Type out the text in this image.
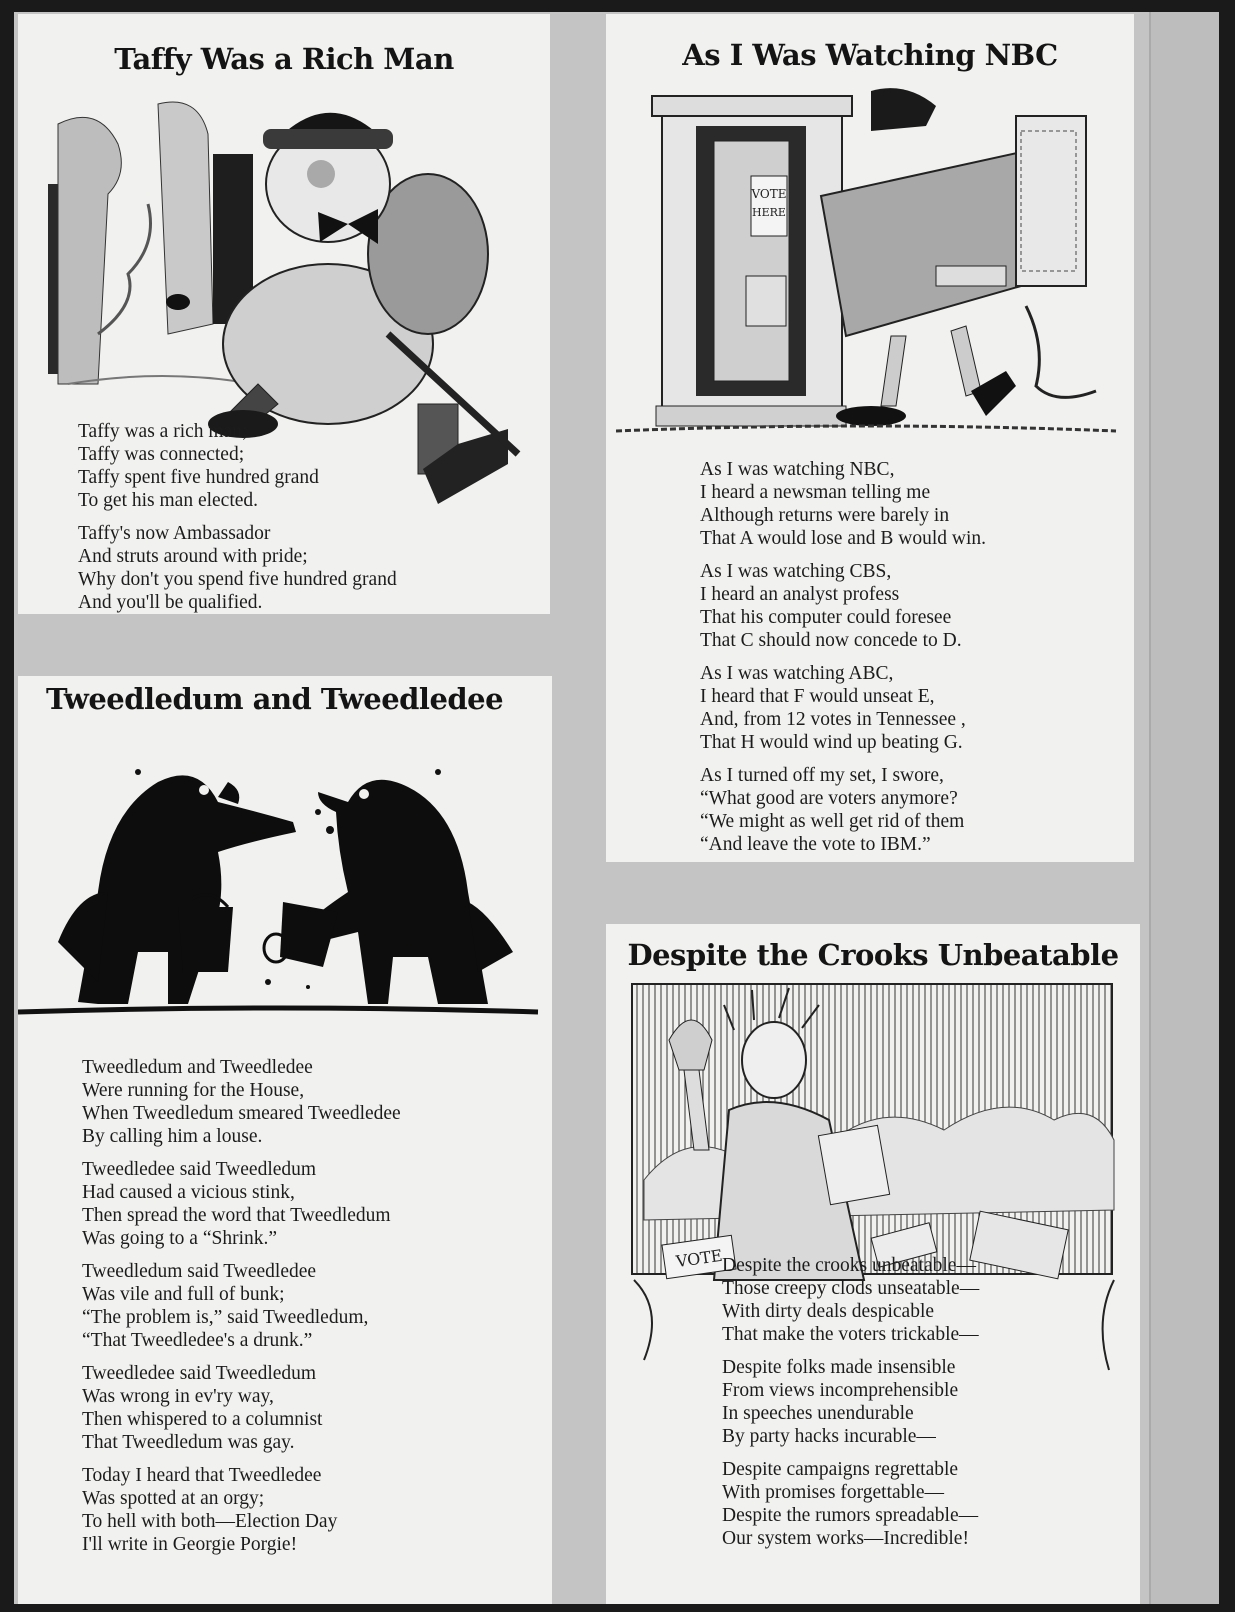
Taffy Was a Rich Man
Taffy was a rich man;
Taffy was connected;
Taffy spent five hundred grand
To get his man elected.
Taffy's now Ambassador
And struts around with pride;
Why don't you spend five hundred grand
And you'll be qualified.
Tweedledum and Tweedledee
Tweedledum and Tweedledee
Were running for the House,
When Tweedledum smeared Tweedledee
By calling him a louse.
Tweedledee said Tweedledum
Had caused a vicious stink,
Then spread the word that Tweedledum
Was going to a “Shrink.”
Tweedledum said Tweedledee
Was vile and full of bunk;
“The problem is,” said Tweedledum,
“That Tweedledee's a drunk.”
Tweedledee said Tweedledum
Was wrong in ev'ry way,
Then whispered to a columnist
That Tweedledum was gay.
Today I heard that Tweedledee
Was spotted at an orgy;
To hell with both—Election Day
I'll write in Georgie Porgie!
As I Was Watching NBC
VOTE
HERE
As I was watching NBC,
I heard a newsman telling me
Although returns were barely in
That A would lose and B would win.
As I was watching CBS,
I heard an analyst profess
That his computer could foresee
That C should now concede to D.
As I was watching ABC,
I heard that F would unseat E,
And, from 12 votes in Tennessee ,
That H would wind up beating G.
As I turned off my set, I swore,
“What good are voters anymore?
“We might as well get rid of them
“And leave the vote to IBM.”
Despite the Crooks Unbeatable
VOTE
Despite the crooks unbeatable—
Those creepy clods unseatable—
With dirty deals despicable
That make the voters trickable—
Despite folks made insensible
From views incomprehensible
In speeches unendurable
By party hacks incurable—
Despite campaigns regrettable
With promises forgettable—
Despite the rumors spreadable—
Our system works—Incredible!
